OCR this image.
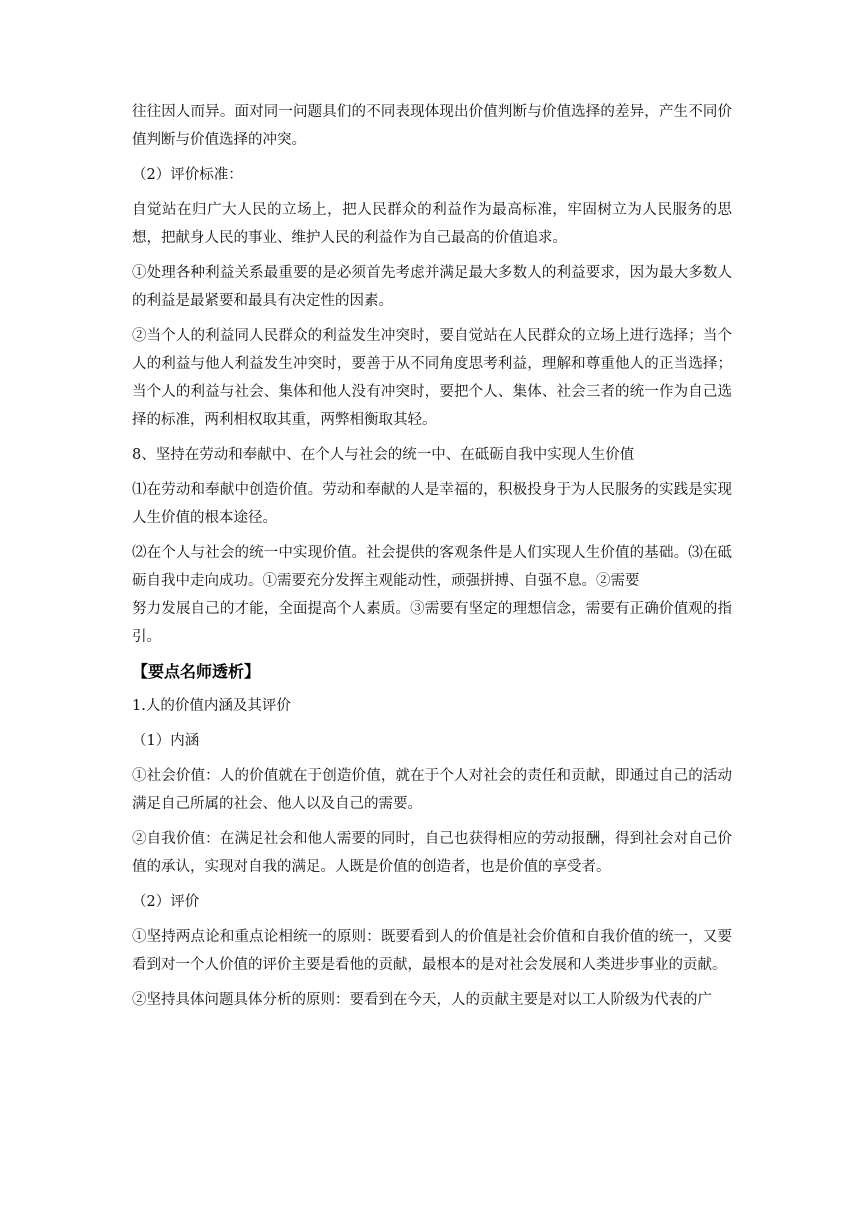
往往因人而异。面对同一问题具们的不同表现体现出价值判断与价值选择的差异，产生不同价值判断与价值选择的冲突。

（2）评价标准：

自觉站在归广大人民的立场上，把人民群众的利益作为最高标准，牢固树立为人民服务的思想，把献身人民的事业、维护人民的利益作为自己最高的价值追求。

①处理各种利益关系最重要的是必须首先考虑并满足最大多数人的利益要求，因为最大多数人的利益是最紧要和最具有决定性的因素。

②当个人的利益同人民群众的利益发生冲突时，要自觉站在人民群众的立场上进行选择；当个人的利益与他人利益发生冲突时，要善于从不同角度思考利益，理解和尊重他人的正当选择；当个人的利益与社会、集体和他人没有冲突时，要把个人、集体、社会三者的统一作为自己选择的标准，两利相权取其重，两弊相衡取其轻。

8、坚持在劳动和奉献中、在个人与社会的统一中、在砥砺自我中实现人生价值

⑴在劳动和奉献中创造价值。劳动和奉献的人是幸福的，积极投身于为人民服务的实践是实现人生价值的根本途径。

⑵在个人与社会的统一中实现价值。社会提供的客观条件是人们实现人生价值的基础。⑶在砥砺自我中走向成功。①需要充分发挥主观能动性，顽强拼搏、自强不息。②需要

努力发展自己的才能，全面提高个人素质。③需要有坚定的理想信念，需要有正确价值观的指引。

【要点名师透析】

1.人的价值内涵及其评价

（1）内涵

①社会价值：人的价值就在于创造价值，就在于个人对社会的责任和贡献，即通过自己的活动满足自己所属的社会、他人以及自己的需要。

②自我价值：在满足社会和他人需要的同时，自己也获得相应的劳动报酬，得到社会对自己价值的承认，实现对自我的满足。人既是价值的创造者，也是价值的享受者。

（2）评价

①坚持两点论和重点论相统一的原则：既要看到人的价值是社会价值和自我价值的统一，又要看到对一个人价值的评价主要是看他的贡献，最根本的是对社会发展和人类进步事业的贡献。

②坚持具体问题具体分析的原则：要看到在今天，人的贡献主要是对以工人阶级为代表的广
